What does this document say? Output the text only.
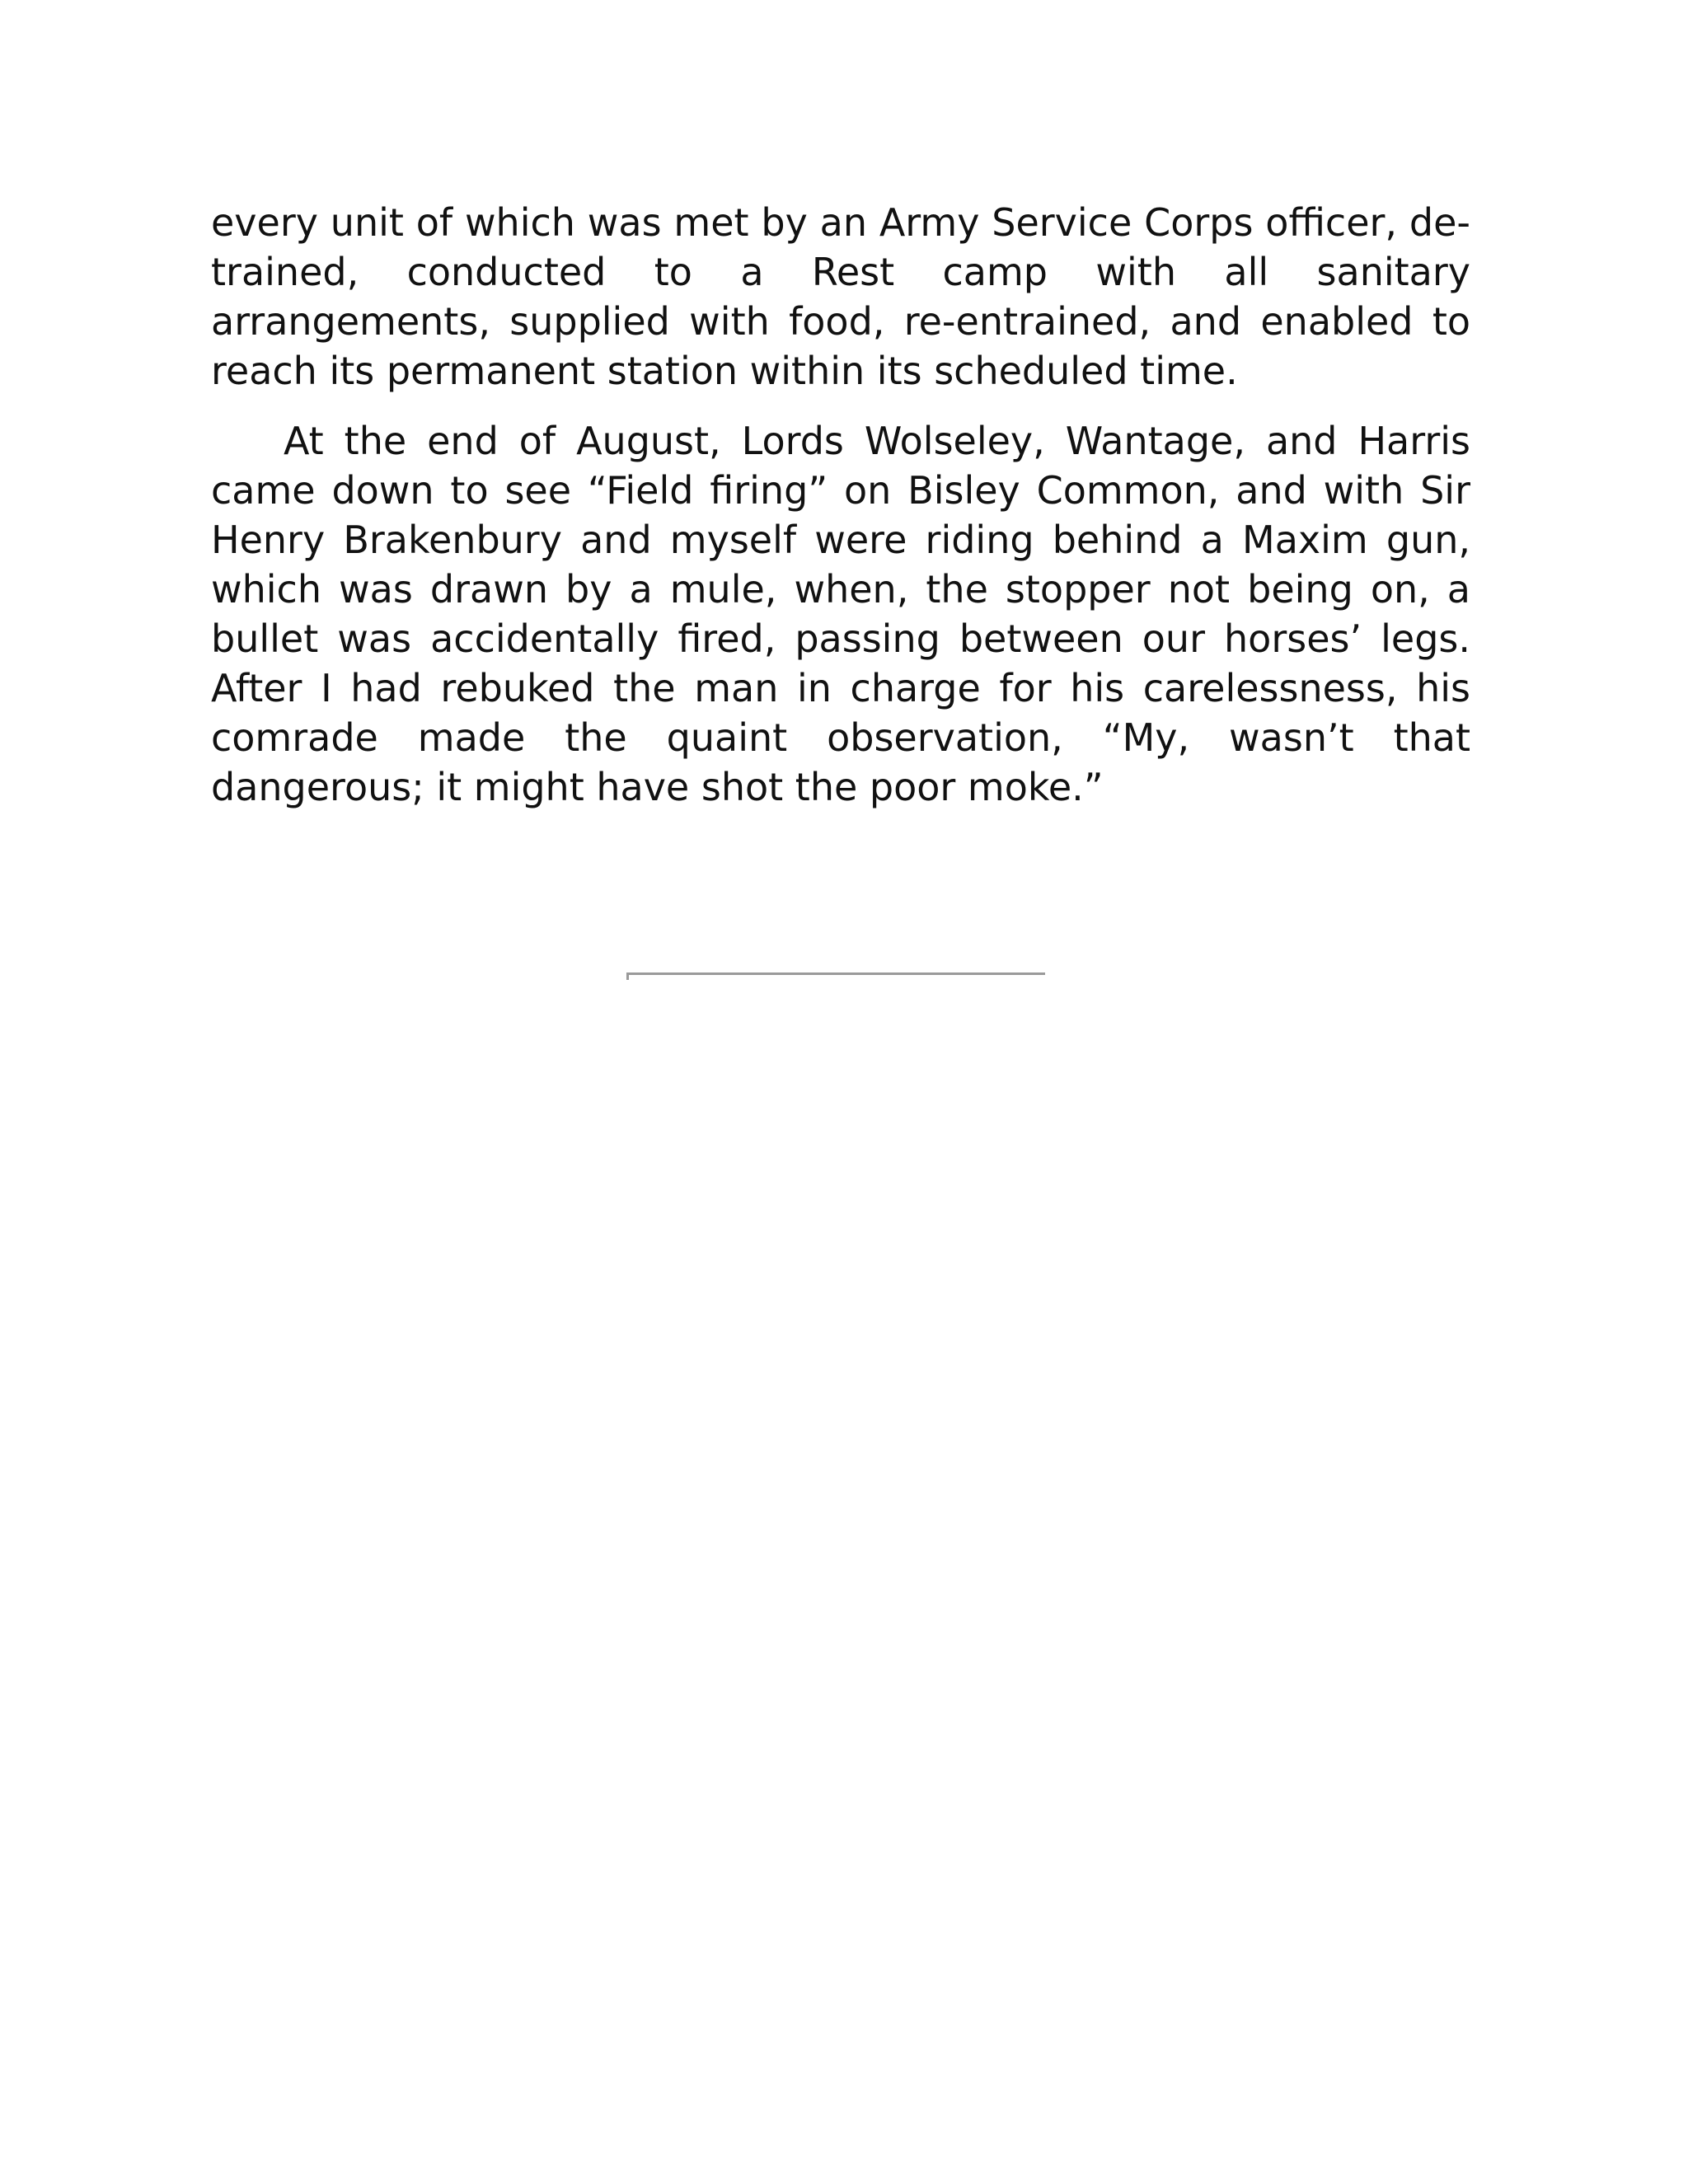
every unit of which was met by an Army Service Corps officer, detrained, conducted to a Rest camp with all sanitary arrangements, supplied with food, re-entrained, and enabled to reach its permanent station within its scheduled time.

At the end of August, Lords Wolseley, Wantage, and Harris came down to see “Field firing” on Bisley Common, and with Sir Henry Brakenbury and myself were riding behind a Maxim gun, which was drawn by a mule, when, the stopper not being on, a bullet was accidentally fired, passing between our horses’ legs. After I had rebuked the man in charge for his carelessness, his comrade made the quaint observation, “My, wasn’t that dangerous; it might have shot the poor moke.”
